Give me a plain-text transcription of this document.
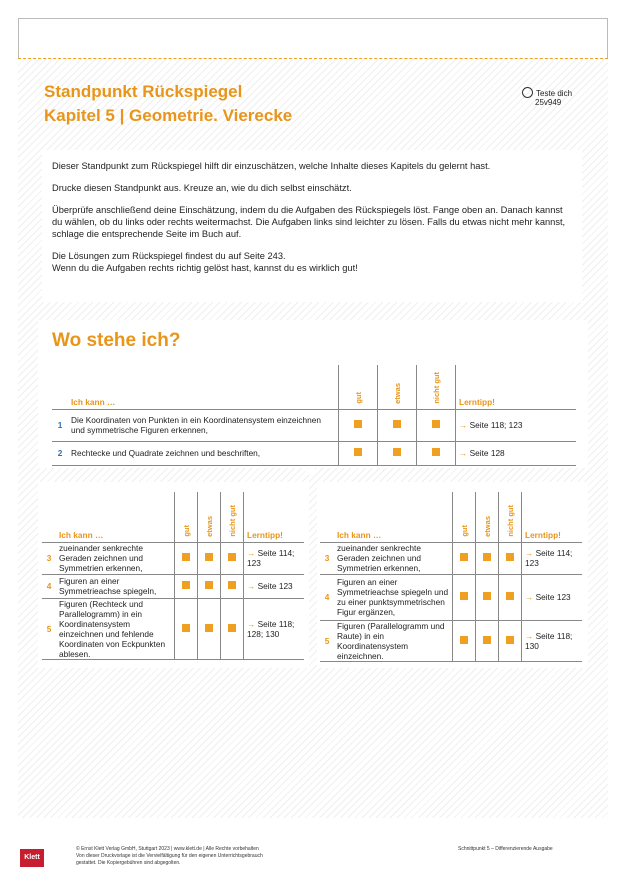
Standpunkt Rückspiegel
Kapitel 5 | Geometrie. Vierecke
Teste dich
25v949

Dieser Standpunkt zum Rückspiegel hilft dir einzuschätzen, welche Inhalte dieses Kapitels du gelernt hast.

Drucke diesen Standpunkt aus. Kreuze an, wie du dich selbst einschätzt.

Überprüfe anschließend deine Einschätzung, indem du die Aufgaben des Rückspiegels löst. Fange oben an. Danach kannst du wählen, ob du links oder rechts weitermachst. Die Aufgaben links sind leichter zu lösen. Falls du etwas nicht mehr kannst, schlage die entsprechende Seite im Buch auf.

Die Lösungen zum Rückspiegel findest du auf Seite 243.
Wenn du die Aufgaben rechts richtig gelöst hast, kannst du es wirklich gut!

Wo stehe ich?
	Ich kann …	gut	etwas	nicht gut	Lerntipp!
1	Die Koordinaten von Punkten in ein Koordinatensystem einzeichnen und symmetrische Figuren erkennen,				→ Seite 118; 123
2	Rechtecke und Quadrate zeichnen und beschriften,				→ Seite 128
	Ich kann …	gut	etwas	nicht gut	Lerntipp!
3	zueinander senkrechte Geraden zeichnen und Symmetrien erkennen,				→ Seite 114; 123
4	Figuren an einer Symmetrieachse spiegeln,				→ Seite 123
5	Figuren (Rechteck und Parallelogramm) in ein Koordinatensystem einzeichnen und fehlende Koordinaten von Eckpunkten ablesen.				→ Seite 118; 128; 130
	Ich kann …	gut	etwas	nicht gut	Lerntipp!
3	zueinander senkrechte Geraden zeichnen und Symmetrien erkennen,				→ Seite 114; 123
4	Figuren an einer Symmetrieachse spiegeln und zu einer punktsymmetrischen Figur ergänzen,				→ Seite 123
5	Figuren (Parallelogramm und Raute) in ein Koordinatensystem einzeichnen.				→ Seite 118; 130
Klett
© Ernst Klett Verlag GmbH, Stuttgart 2023 | www.klett.de | Alle Rechte vorbehalten
Von dieser Druckvorlage ist die Vervielfältigung für den eigenen Unterrichtsgebrauch
gestattet. Die Kopiergebühren sind abgegolten.
Schnittpunkt 5 – Differenzierende Ausgabe
